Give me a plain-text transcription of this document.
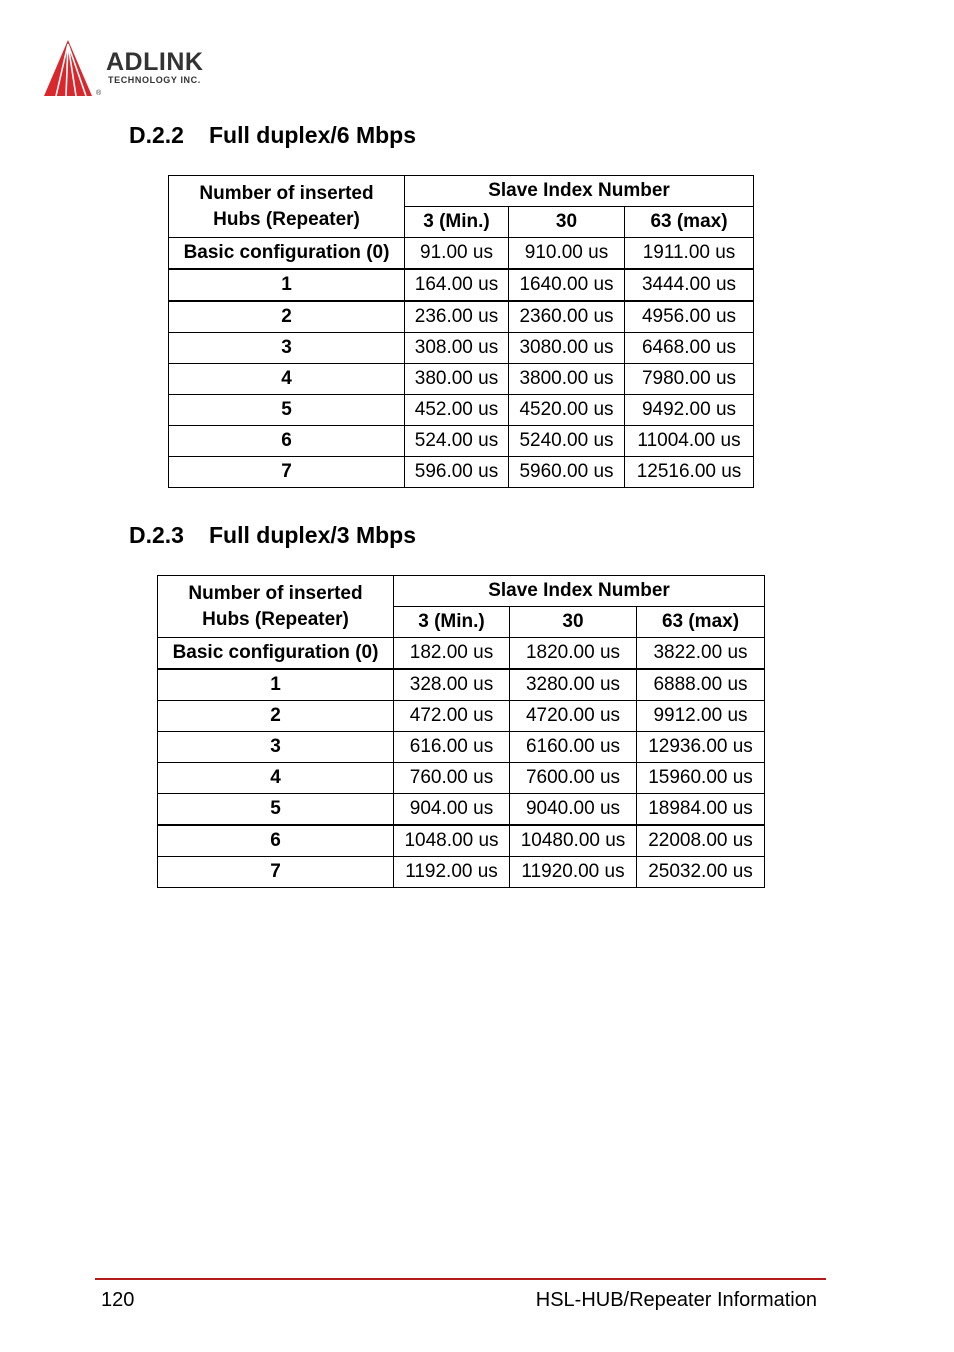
ADLINK
TECHNOLOGY INC.
®
D.2.2 Full duplex/6 Mbps
Number of inserted Hubs (Repeater)	Slave Index Number		
	3 (Min.)	30	63 (max)
Basic configuration (0)	91.00 us	910.00 us	1911.00 us
1	164.00 us	1640.00 us	3444.00 us
2	236.00 us	2360.00 us	4956.00 us
3	308.00 us	3080.00 us	6468.00 us
4	380.00 us	3800.00 us	7980.00 us
5	452.00 us	4520.00 us	9492.00 us
6	524.00 us	5240.00 us	11004.00 us
7	596.00 us	5960.00 us	12516.00 us
D.2.3 Full duplex/3 Mbps
Number of inserted Hubs (Repeater)	Slave Index Number		
	3 (Min.)	30	63 (max)
Basic configuration (0)	182.00 us	1820.00 us	3822.00 us
1	328.00 us	3280.00 us	6888.00 us
2	472.00 us	4720.00 us	9912.00 us
3	616.00 us	6160.00 us	12936.00 us
4	760.00 us	7600.00 us	15960.00 us
5	904.00 us	9040.00 us	18984.00 us
6	1048.00 us	10480.00 us	22008.00 us
7	1192.00 us	11920.00 us	25032.00 us
120	HSL-HUB/Repeater Information
